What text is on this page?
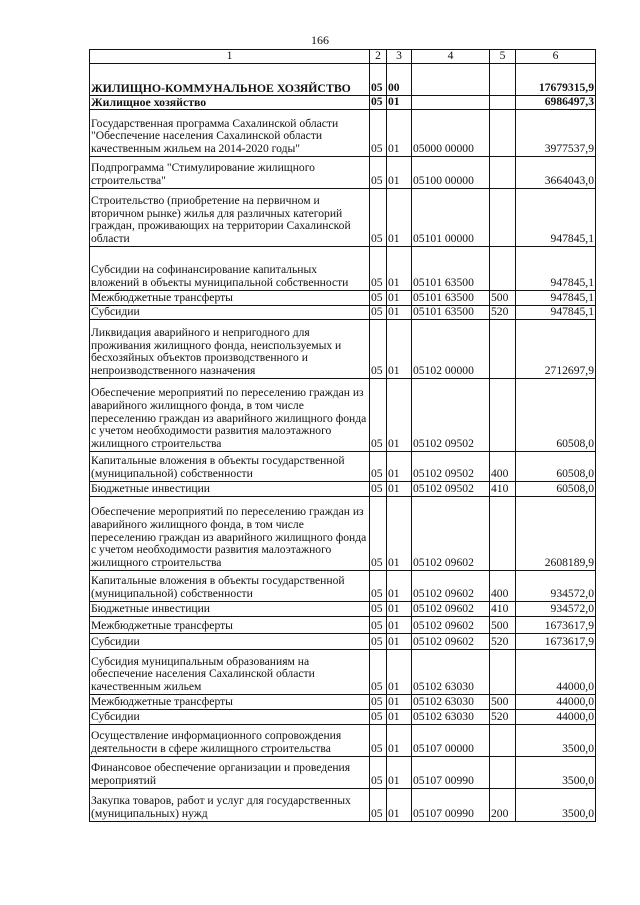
166
1	2	3	4	5	6
ЖИЛИЩНО-КОММУНАЛЬНОЕ ХОЗЯЙСТВО	05	00			17679315,9
Жилищное хозяйство	05	01			6986497,3
Государственная программа Сахалинской области "Обеспечение населения Сахалинской области качественным жильем на 2014-2020 годы"	05	01	05000 00000		3977537,9
Подпрограмма "Стимулирование жилищного строительства"	05	01	05100 00000		3664043,0
Строительство (приобретение на первичном и вторичном рынке) жилья для различных категорий граждан, проживающих на территории Сахалинской области	05	01	05101 00000		947845,1
Субсидии на софинансирование капитальных вложений в объекты муниципальной собственности	05	01	05101 63500		947845,1
Межбюджетные трансферты	05	01	05101 63500	500	947845,1
Субсидии	05	01	05101 63500	520	947845,1
Ликвидация аварийного и непригодного для проживания жилищного фонда, неиспользуемых и бесхозяйных объектов производственного и непроизводственного назначения	05	01	05102 00000		2712697,9
Обеспечение мероприятий по переселению граждан из аварийного жилищного фонда, в том числе переселению граждан из аварийного жилищного фонда с учетом необходимости развития малоэтажного жилищного строительства	05	01	05102 09502		60508,0
Капитальные вложения в объекты государственной (муниципальной) собственности	05	01	05102 09502	400	60508,0
Бюджетные инвестиции	05	01	05102 09502	410	60508,0
Обеспечение мероприятий по переселению граждан из аварийного жилищного фонда, в том числе переселению граждан из аварийного жилищного фонда с учетом необходимости развития малоэтажного жилищного строительства	05	01	05102 09602		2608189,9
Капитальные вложения в объекты государственной (муниципальной) собственности	05	01	05102 09602	400	934572,0
Бюджетные инвестиции	05	01	05102 09602	410	934572,0
Межбюджетные трансферты	05	01	05102 09602	500	1673617,9
Субсидии	05	01	05102 09602	520	1673617,9
Субсидия муниципальным образованиям на обеспечение населения Сахалинской области качественным жильем	05	01	05102 63030		44000,0
Межбюджетные трансферты	05	01	05102 63030	500	44000,0
Субсидии	05	01	05102 63030	520	44000,0
Осуществление информационного сопровождения деятельности в сфере жилищного строительства	05	01	05107 00000		3500,0
Финансовое обеспечение организации и проведения мероприятий	05	01	05107 00990		3500,0
Закупка товаров, работ и услуг для государственных (муниципальных) нужд	05	01	05107 00990	200	3500,0
